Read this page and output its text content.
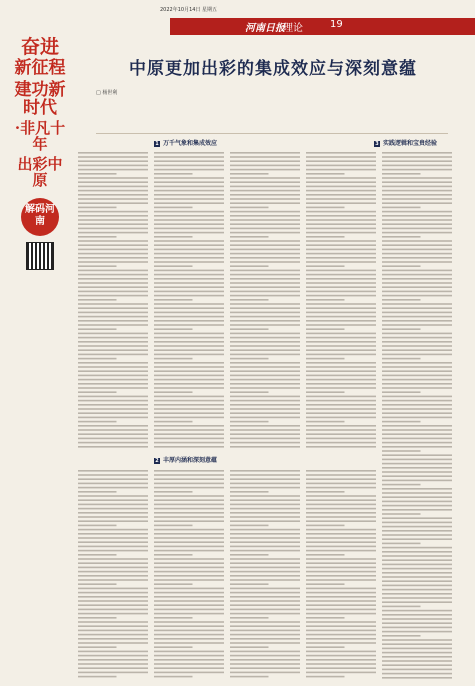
2022年10月14日 星期五
河南日报
理论	19
奋进
新征程
建功新时代
·非凡十年
出彩中原
解码河南
中原更加出彩的集成效应与深刻意蕴
□ 杨世利
1 万千气象和集成效应	3 实践逻辑和宝贵经验
2 丰厚内涵和深刻意蕴
